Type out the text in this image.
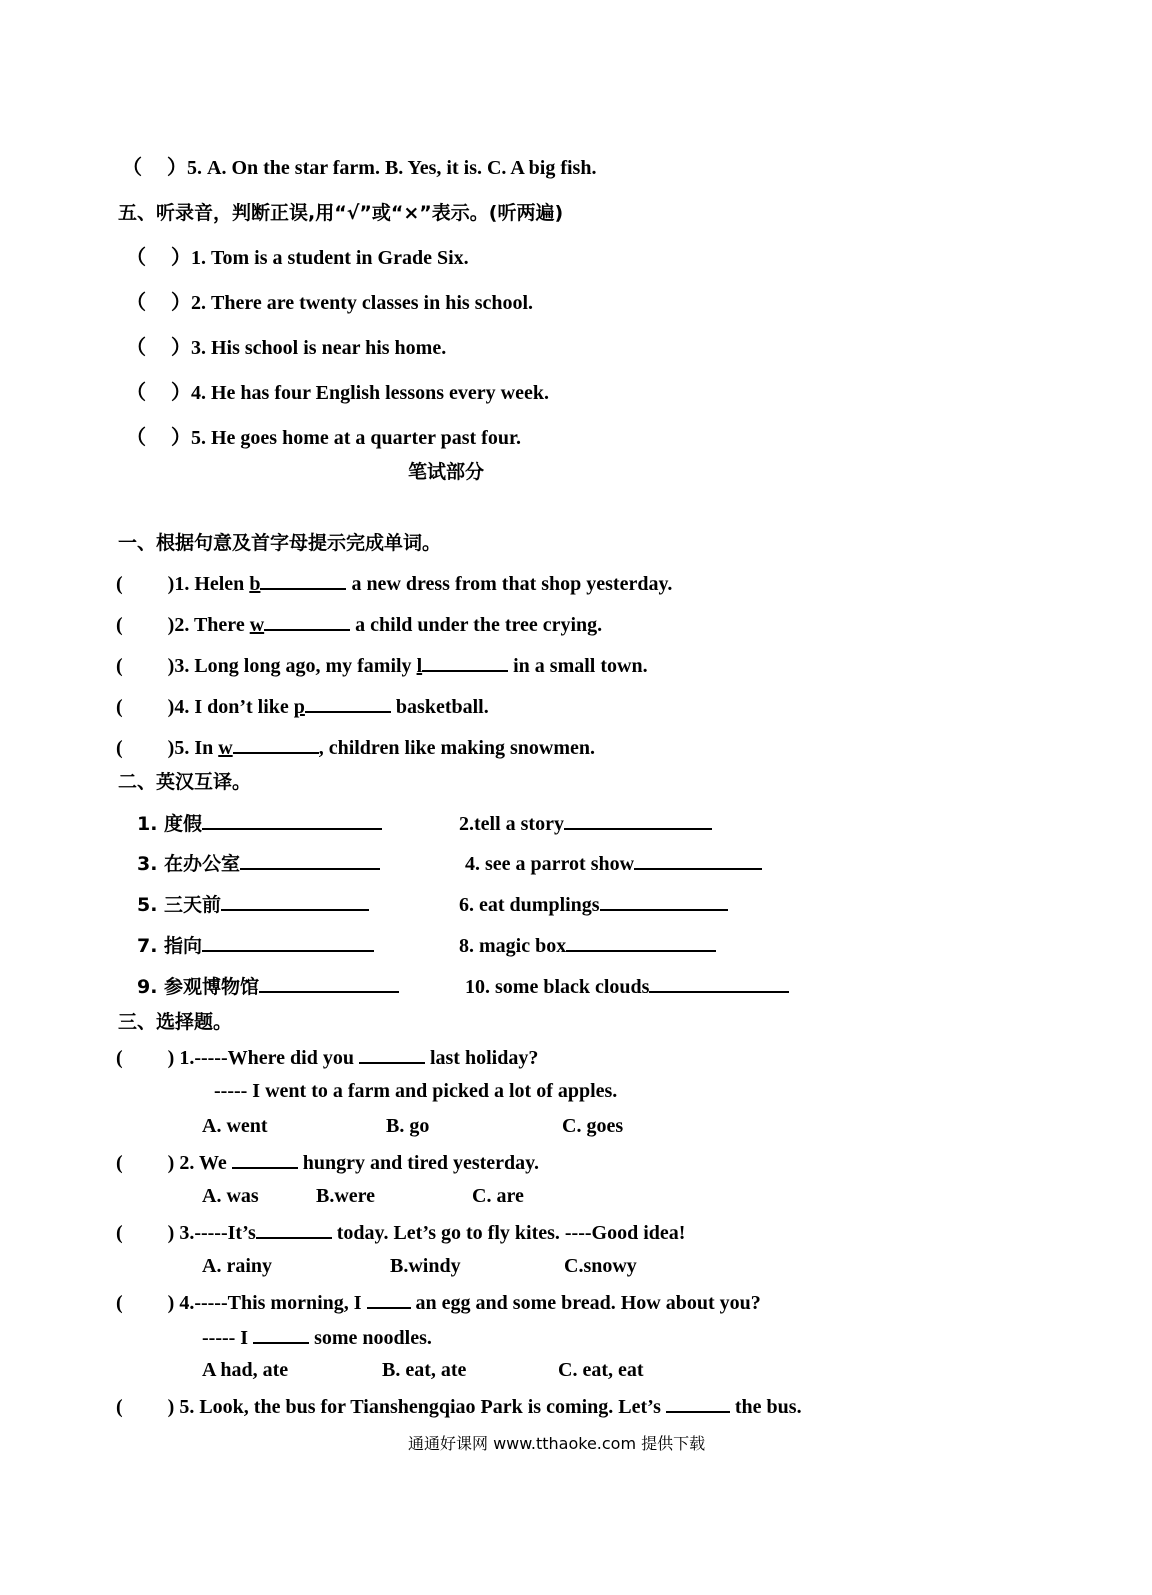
（　 ）5. A. On the star farm. B. Yes, it is. C. A big fish.
五、听录音，判断正误,用“√”或“×”表示。(听两遍)
（　 ）1. Tom is a student in Grade Six.
（　 ）2. There are twenty classes in his school.
（　 ）3. His school is near his home.
（　 ）4. He has four English lessons every week.
（　 ）5. He goes home at a quarter past four.
笔试部分
一、根据句意及首字母提示完成单词。
(　　 )1. Helen b	a new dress from that shop yesterday.
(　　 )2. There w	a child under the tree crying.
(　　 )3. Long long ago, my family l	in a small town.
(　　 )4. I don’t like p	basketball.
(　　 )5. In w	, children like making snowmen.
二、英汉互译。
1. 度假	2.tell a story
3. 在办公室	4. see a parrot show
5. 三天前	6. eat dumplings
7. 指向	8. magic box
9. 参观博物馆	10. some black clouds
三、选择题。
(　　 ) 1.-----Where did you	last holiday?
----- I went to a farm and picked a lot of apples.
A. went	B. go	C. goes
(　　 ) 2. We	hungry and tired yesterday.
A. was	B.were	C. are
(　　 ) 3.-----It’s	today. Let’s go to fly kites. ----Good idea!
A. rainy	B.windy	C.snowy
(　　 ) 4.-----This morning, I  an egg and some bread. How about you?
----- I	some noodles.
A had, ate	B. eat, ate	C. eat, eat
(　　 ) 5. Look, the bus for Tianshengqiao Park is coming. Let’s	the bus.
通通好课网 www.tthaoke.com 提供下载
